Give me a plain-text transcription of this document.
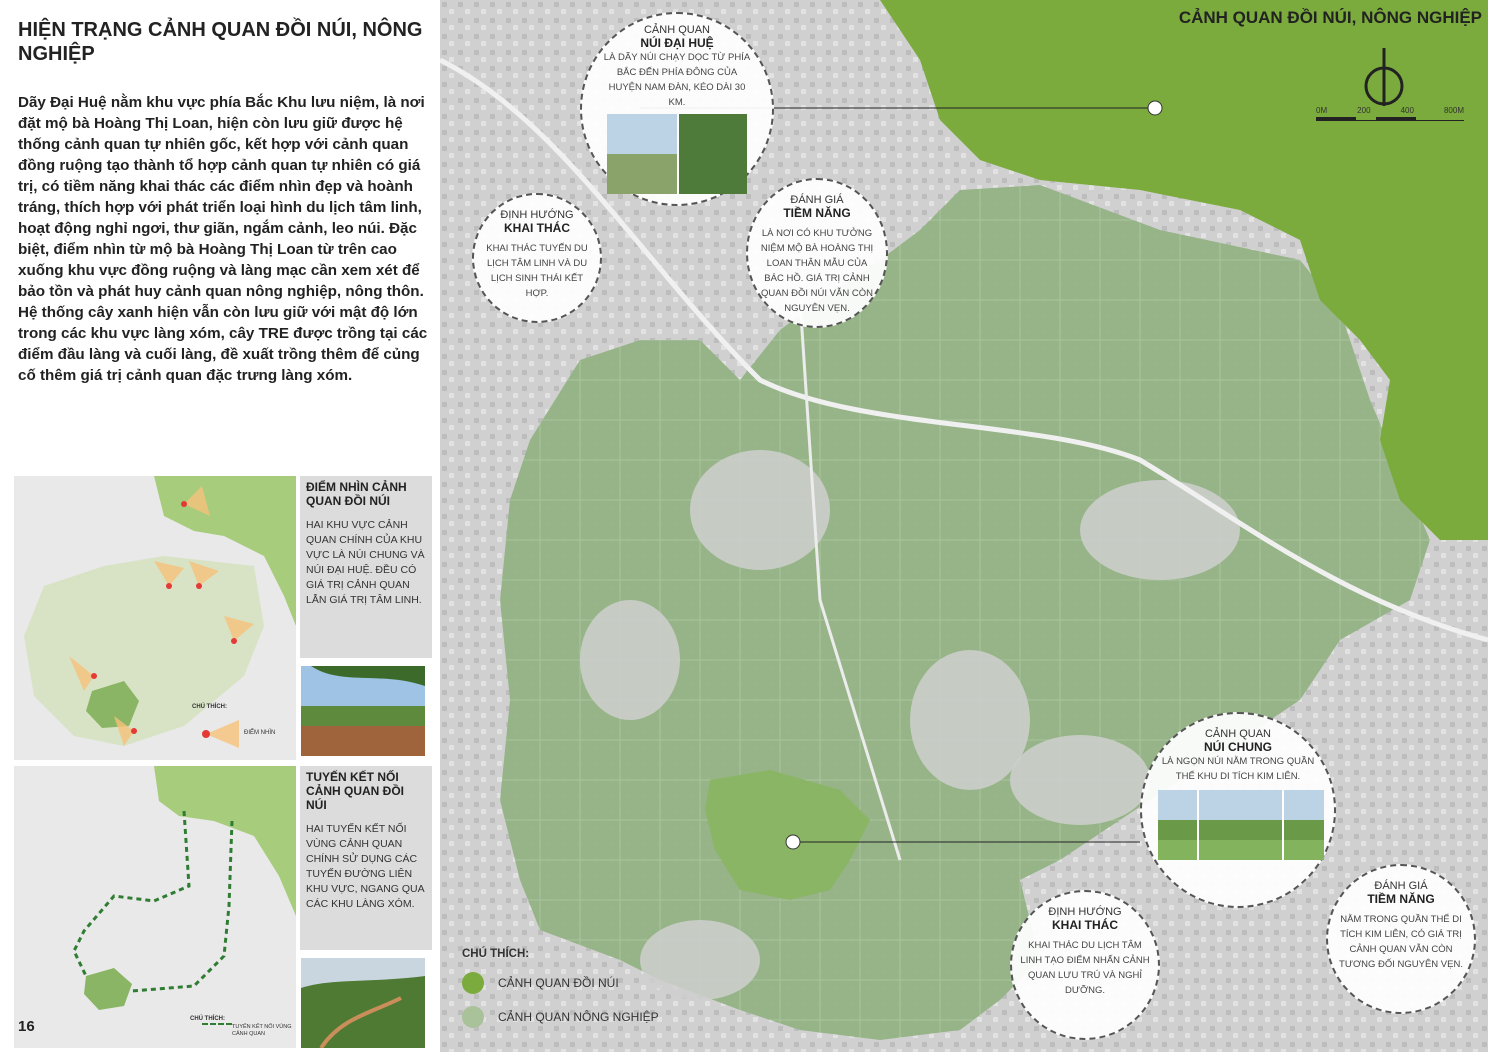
HIỆN TRẠNG CẢNH QUAN ĐỒI NÚI, NÔNG NGHIỆP
Dãy Đại Huệ nằm khu vực phía Bắc Khu lưu niệm, là nơi đặt mộ bà Hoàng Thị Loan, hiện còn lưu giữ được hệ thống cảnh quan tự nhiên gốc, kết hợp với cảnh quan đồng ruộng tạo thành tổ hợp cảnh quan tự nhiên có giá trị, có tiềm năng khai thác các điểm nhìn đẹp và hoành tráng, thích hợp với phát triển loại hình du lịch tâm linh, hoạt động nghỉ ngơi, thư giãn, ngắm cảnh, leo núi. Đặc biệt, điểm nhìn từ mộ bà Hoàng Thị Loan từ trên cao xuống khu vực đồng ruộng và làng mạc cần xem xét để bảo tồn và phát huy cảnh quan nông nghiệp, nông thôn. Hệ thống cây xanh hiện vẫn còn lưu giữ với mật độ lớn trong các khu vực làng xóm, cây TRE được trồng tại các điểm đầu làng và cuối làng, đề xuất trồng thêm để củng cố thêm giá trị cảnh quan đặc trưng làng xóm.
CHÚ THÍCH:
ĐIỂM NHÌN
ĐIỂM NHÌN CẢNH QUAN ĐỒI NÚI
HAI KHU VỰC CẢNH QUAN CHÍNH CỦA KHU VỰC LÀ NÚI CHUNG VÀ NÚI ĐẠI HUỆ. ĐỀU CÓ GIÁ TRỊ CẢNH QUAN LẪN GIÁ TRỊ TÂM LINH.
CHÚ THÍCH:
TUYẾN KẾT NỐI VÙNG CẢNH QUAN
TUYẾN KẾT NỐI CẢNH QUAN ĐỒI NÚI
HAI TUYẾN KẾT NỐI VÙNG CẢNH QUAN CHÍNH SỬ DỤNG CÁC TUYẾN ĐƯỜNG LIÊN KHU VỰC, NGANG QUA CÁC KHU LÀNG XÓM.
16
CẢNH QUAN ĐỒI NÚI, NÔNG NGHIỆP
0M	200	400	800M
CẢNH QUAN
NÚI ĐẠI HUỆ
LÀ DÃY NÚI CHẠY DỌC TỪ PHÍA BẮC ĐẾN PHÍA ĐÔNG CỦA HUYỆN NAM ĐÀN, KÉO DÀI 30 KM.
ĐỊNH HƯỚNG
KHAI THÁC
KHAI THÁC TUYẾN DU LỊCH TÂM LINH VÀ DU LỊCH SINH THÁI KẾT HỢP.
ĐÁNH GIÁ
TIỀM NĂNG
LÀ NƠI CÓ KHU TƯỞNG NIỆM MỘ BÀ HOÀNG THỊ LOAN THÂN MẪU CỦA BÁC HỒ. GIÁ TRỊ CẢNH QUAN ĐỒI NÚI VẪN CÒN NGUYÊN VẸN.
CẢNH QUAN
NÚI CHUNG
LÀ NGỌN NÚI NẰM TRONG QUẦN THỂ KHU DI TÍCH KIM LIÊN.
ĐỊNH HƯỚNG
KHAI THÁC
KHAI THÁC DU LỊCH TÂM LINH TẠO ĐIỂM NHẤN CẢNH QUAN LƯU TRÚ VÀ NGHỈ DƯỠNG.
ĐÁNH GIÁ
TIỀM NĂNG
NẰM TRONG QUẦN THỂ DI TÍCH KIM LIÊN, CÓ GIÁ TRỊ CẢNH QUAN VẪN CÒN TƯƠNG ĐỐI NGUYÊN VẸN.
CHÚ THÍCH:
CẢNH QUAN ĐỒI NÚI
CẢNH QUAN NÔNG NGHIỆP
